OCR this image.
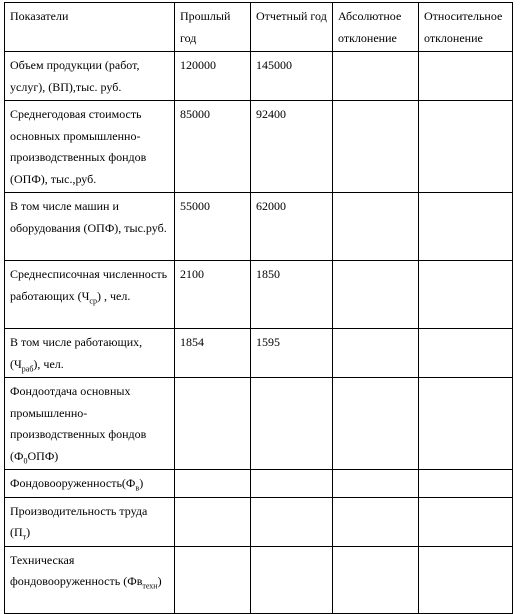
Показатели	Прошлый год	Отчетный год	Абсолютное отклонение	Относительное отклонение
Объем продукции (работ, услуг), (ВП),тыс. руб.	120000	145000		
Среднегодовая стоимость основных промышленно-производственных фондов (ОПФ), тыс.,руб.	85000	92400		
В том числе машин и оборудования (ОПФ), тыс.руб.	55000	62000		
Среднесписочная численность работающих $(Ч_{ср})$ , чел.	2100	1850		
В том числе работающих, $(Ч_{раб})$, чел.	1854	1595		
Фондоотдача основных промышленно-производственных фондов $(Ф_0ОПФ)$				
$Фондовооруженность(Ф_в)$				
Производительность труда $(П_т)$				
Техническая фондовооруженность $(Фв_{техн})$				
